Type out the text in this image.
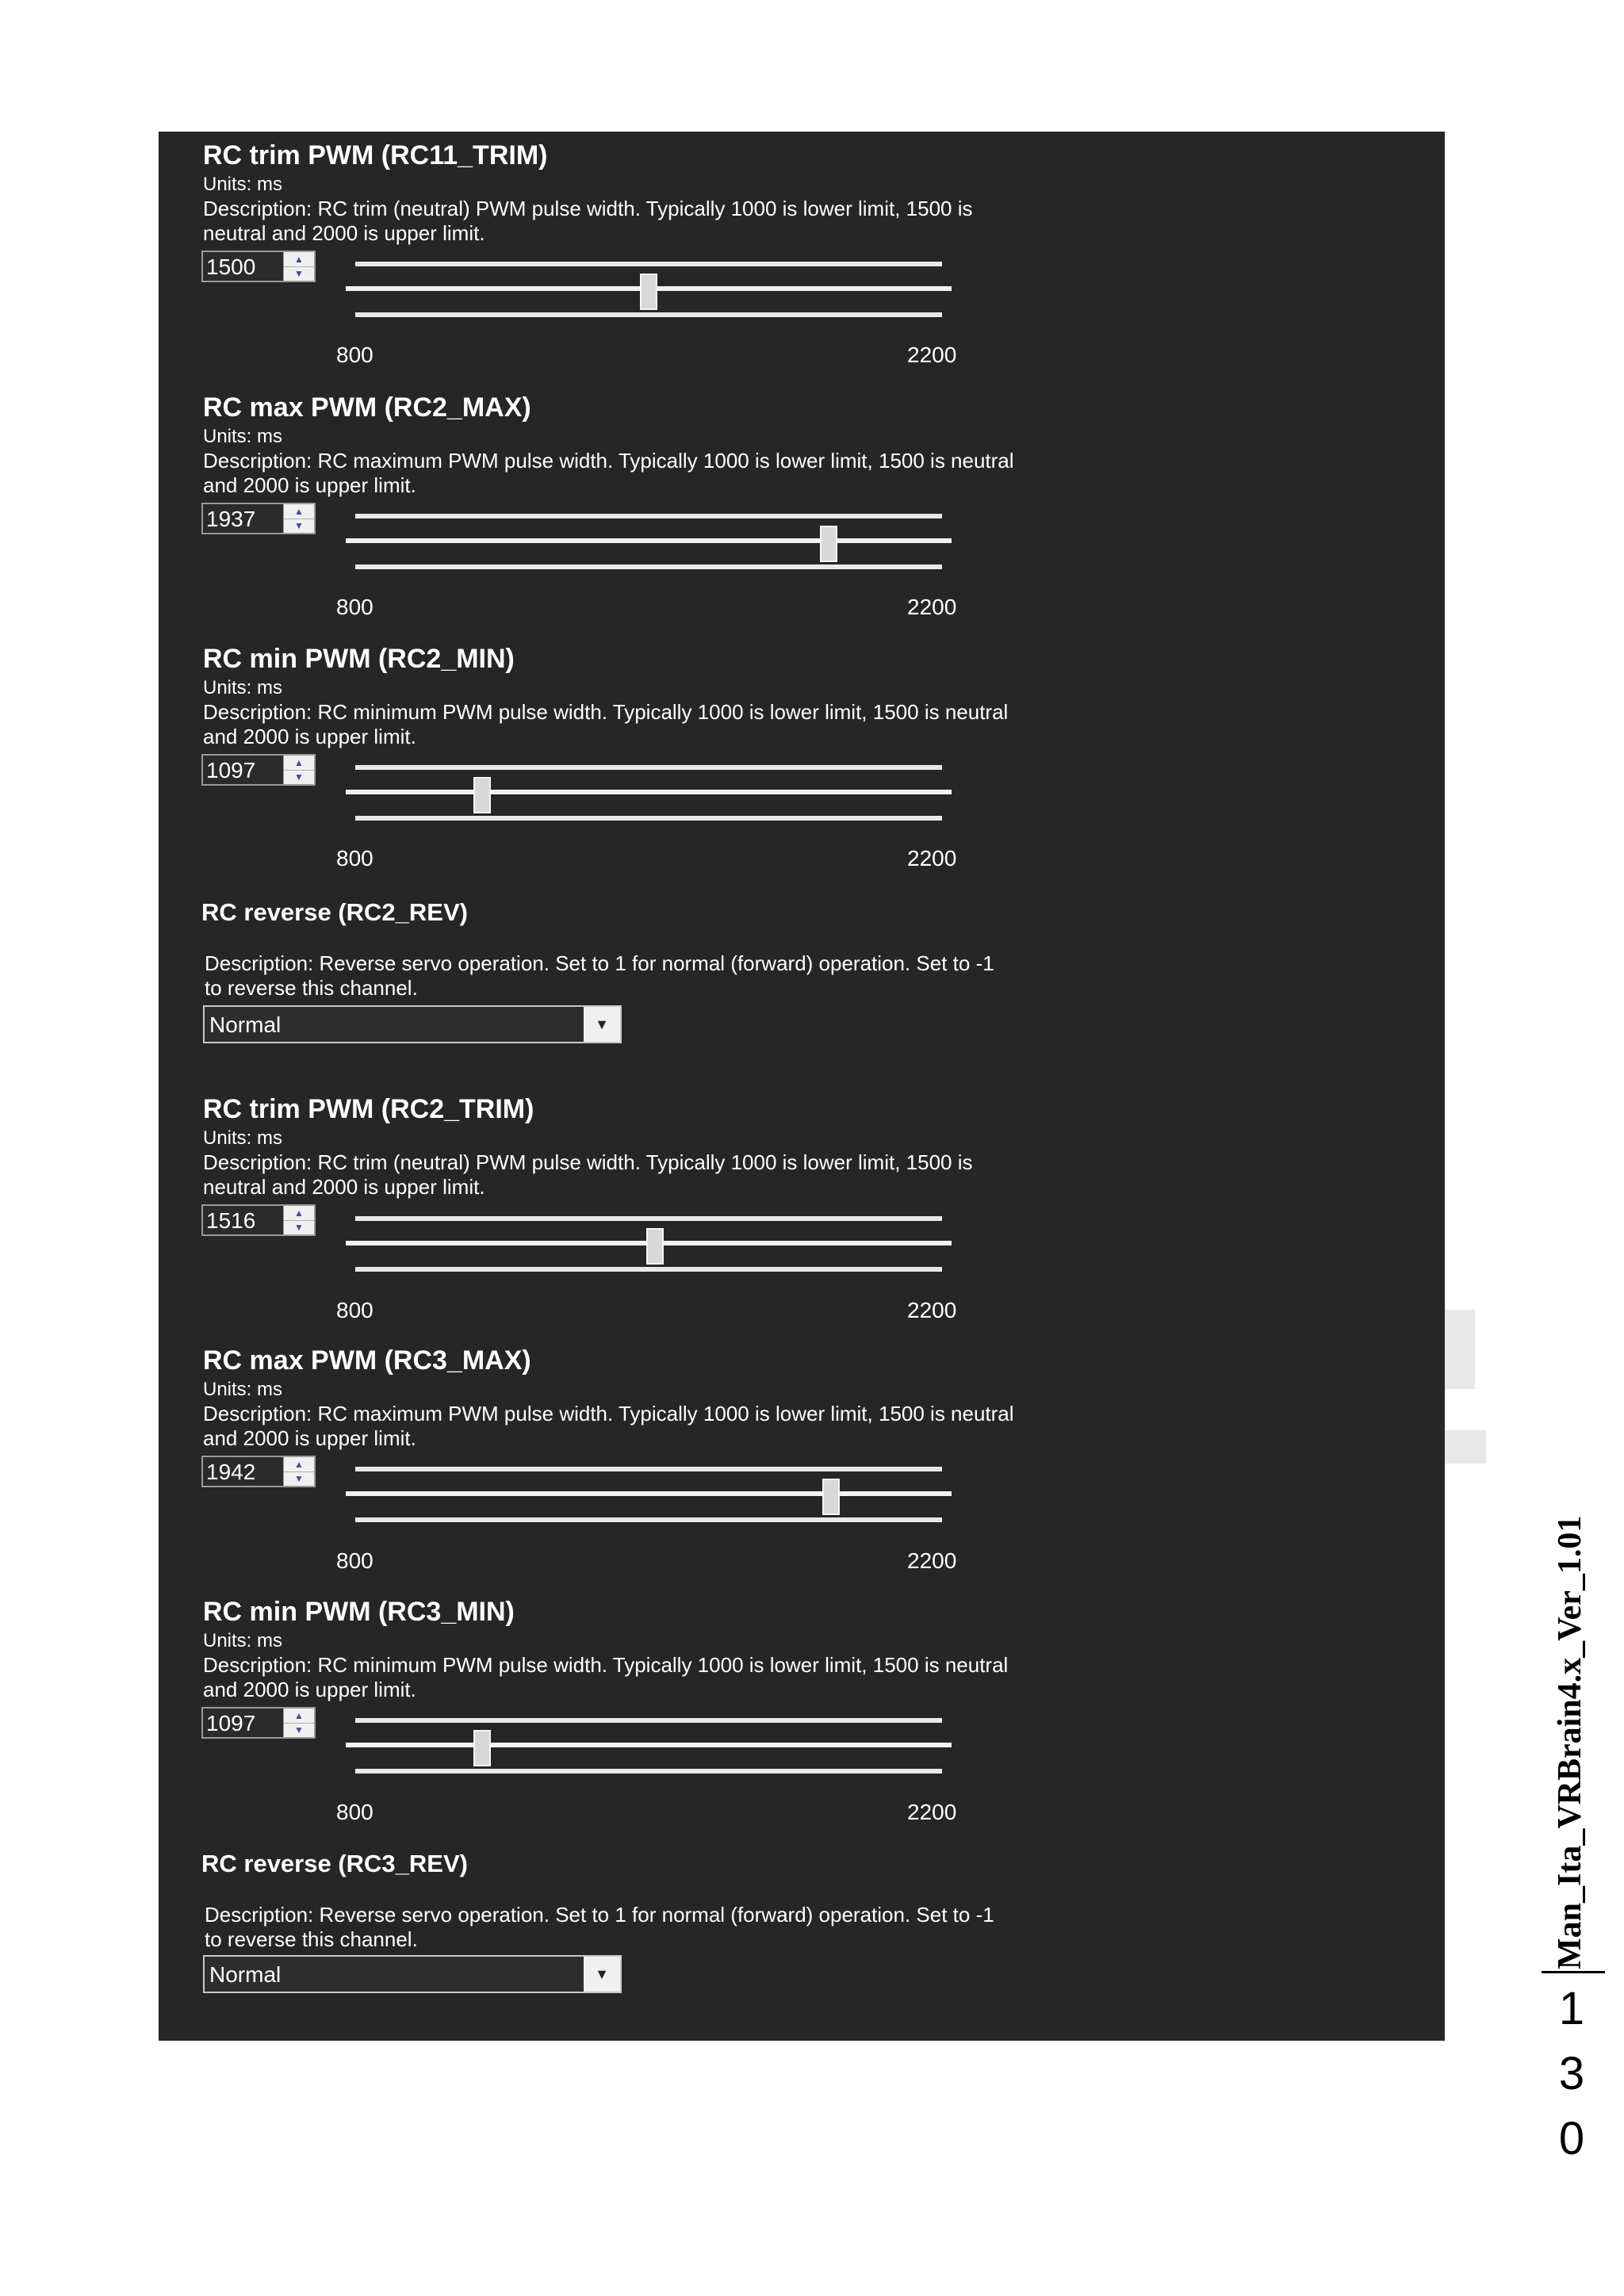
RC trim PWM (RC11_TRIM)
Units: ms
Description: RC trim (neutral) PWM pulse width. Typically 1000 is lower limit, 1500 is
neutral and 2000 is upper limit.
1500	▲
▼
800	2200
RC max PWM (RC2_MAX)
Units: ms
Description: RC maximum PWM pulse width. Typically 1000 is lower limit, 1500 is neutral
and 2000 is upper limit.
1937	▲
▼
800	2200
RC min PWM (RC2_MIN)
Units: ms
Description: RC minimum PWM pulse width. Typically 1000 is lower limit, 1500 is neutral
and 2000 is upper limit.
1097	▲
▼
800	2200
RC reverse (RC2_REV)
Description: Reverse servo operation. Set to 1 for normal (forward) operation. Set to -1
to reverse this channel.
Normal	▼
RC trim PWM (RC2_TRIM)
Units: ms
Description: RC trim (neutral) PWM pulse width. Typically 1000 is lower limit, 1500 is
neutral and 2000 is upper limit.
1516	▲
▼
800	2200
RC max PWM (RC3_MAX)
Units: ms
Description: RC maximum PWM pulse width. Typically 1000 is lower limit, 1500 is neutral
and 2000 is upper limit.
1942	▲
▼
800	2200
RC min PWM (RC3_MIN)
Units: ms
Description: RC minimum PWM pulse width. Typically 1000 is lower limit, 1500 is neutral
and 2000 is upper limit.
1097	▲
▼
800	2200
RC reverse (RC3_REV)
Description: Reverse servo operation. Set to 1 for normal (forward) operation. Set to -1
to reverse this channel.
Normal	▼
Man_Ita_VRBrain4.x_Ver_1.01
1
3
0
